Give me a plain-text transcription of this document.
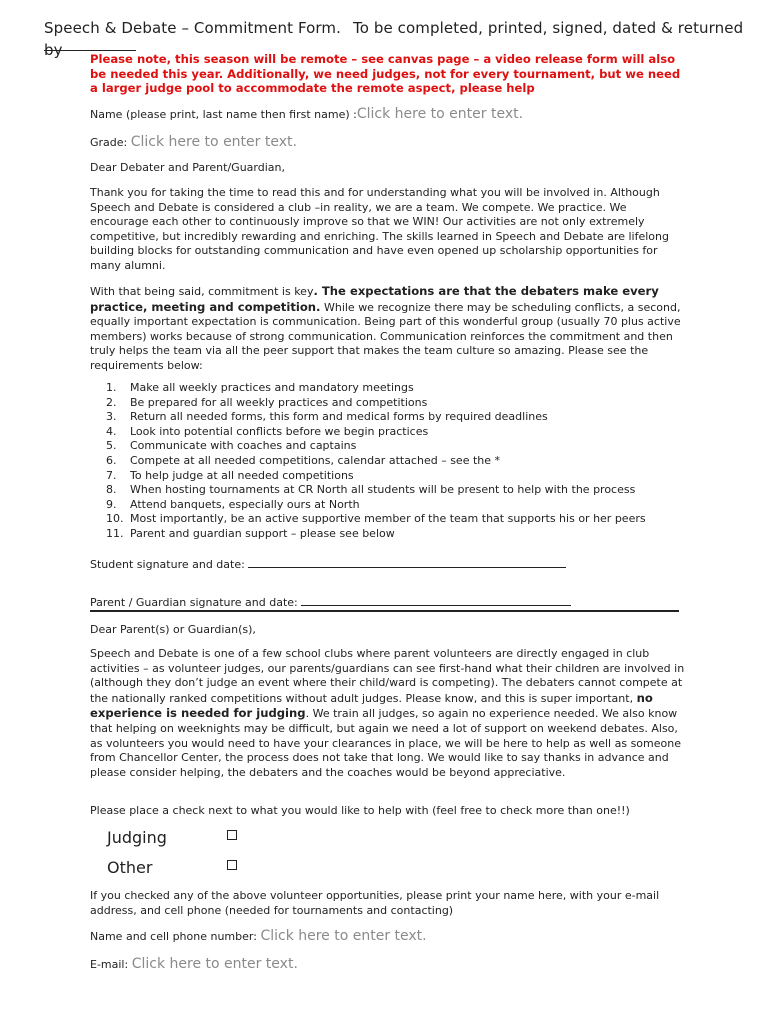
Speech & Debate – Commitment Form. To be completed, printed, signed, dated & returned by	Please note, this season will be remote – see canvas page – a video release form will also be needed this year. Additionally, we need judges, not for every tournament, but we need a larger judge pool to accommodate the remote aspect, please help
Name (please print, last name then first name) :Click here to enter text.
Grade: Click here to enter text.
Dear Debater and Parent/Guardian,
Thank you for taking the time to read this and for understanding what you will be involved in. Although Speech and Debate is considered a club –in reality, we are a team. We compete. We practice. We encourage each other to continuously improve so that we WIN! Our activities are not only extremely competitive, but incredibly rewarding and enriching. The skills learned in Speech and Debate are lifelong building blocks for outstanding communication and have even opened up scholarship opportunities for many alumni.
With that being said, commitment is key. The expectations are that the debaters make every practice, meeting and competition. While we recognize there may be scheduling conflicts, a second, equally important expectation is communication. Being part of this wonderful group (usually 70 plus active members) works because of strong communication. Communication reinforces the commitment and then truly helps the team via all the peer support that makes the team culture so amazing. Please see the requirements below:
1.	Make all weekly practices and mandatory meetings
2.	Be prepared for all weekly practices and competitions
3.	Return all needed forms, this form and medical forms by required deadlines
4.	Look into potential conflicts before we begin practices
5.	Communicate with coaches and captains
6.	Compete at all needed competitions, calendar attached – see the *
7.	To help judge at all needed competitions
8.	When hosting tournaments at CR North all students will be present to help with the process
9.	Attend banquets, especially ours at North
10. Most importantly, be an active supportive member of the team that supports his or her peers
11. Parent and guardian support – please see below
Student signature and date:
Parent / Guardian signature and date:
Dear Parent(s) or Guardian(s),
Speech and Debate is one of a few school clubs where parent volunteers are directly engaged in club activities – as volunteer judges, our parents/guardians can see first-hand what their children are involved in (although they don’t judge an event where their child/ward is competing). The debaters cannot compete at the nationally ranked competitions without adult judges. Please know, and this is super important, no experience is needed for judging. We train all judges, so again no experience needed. We also know that helping on weeknights may be difficult, but again we need a lot of support on weekend debates. Also, as volunteers you would need to have your clearances in place, we will be here to help as well as someone from Chancellor Center, the process does not take that long. We would like to say thanks in advance and please consider helping, the debaters and the coaches would be beyond appreciative.
Please place a check next to what you would like to help with (feel free to check more than one!!)
Judging
Other
If you checked any of the above volunteer opportunities, please print your name here, with your e-mail address, and cell phone (needed for tournaments and contacting)
Name and cell phone number: Click here to enter text.
E-mail: Click here to enter text.
